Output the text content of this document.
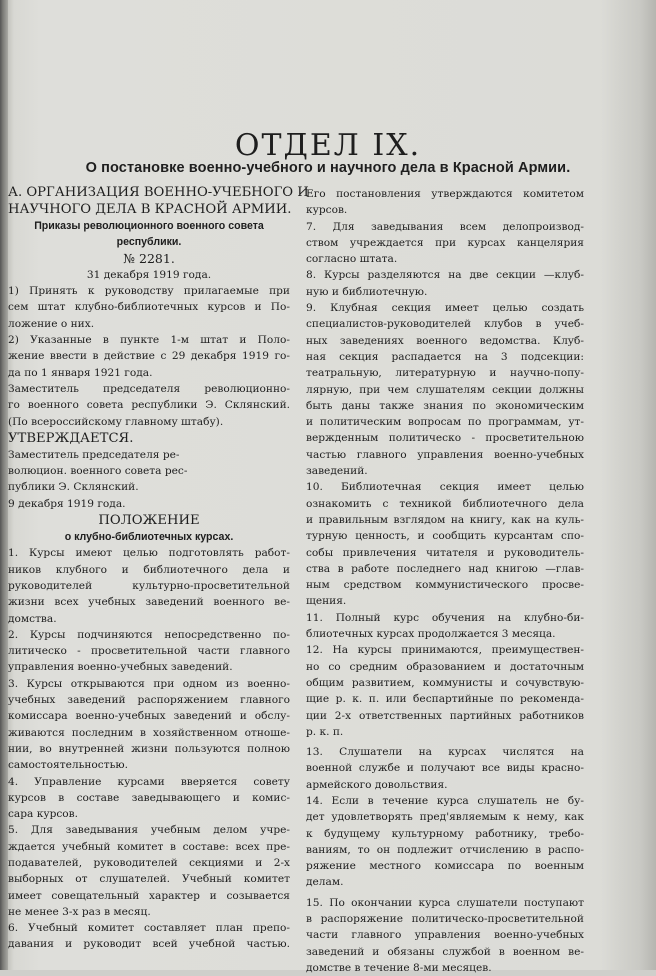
ОТДЕЛ IX.
О постановке военно-учебного и научного дела в Красной Армии.
А. ОРГАНИЗАЦИЯ ВОЕННО-УЧЕБНОГО И
НАУЧНОГО ДЕЛА В КРАСНОЙ АРМИИ.
Приказы революционного военного совета
республики.
№ 2281.
31 декабря 1919 года.
1) Принять к руководству прилагаемые при
сем штат клубно-библиотечных курсов и По-
ложение о них.
2) Указанные в пункте 1-м штат и Поло-
жение ввести в действие с 29 декабря 1919 го-
да по 1 января 1921 года.
Заместитель председателя революционно-
го военного совета республики Э. Склянский.
(По всероссийскому главному штабу).
УТВЕРЖДАЕТСЯ.
Заместитель председателя ре-
волюцион. военного совета рес-
публики Э. Склянский.
9 декабря 1919 года.
ПОЛОЖЕНИЕ
о клубно-библиотечных курсах.
1. Курсы имеют целью подготовлять работ-
ников клубного и библиотечного дела и
руководителей культурно-просветительной
жизни всех учебных заведений военного ве-
домства.
2. Курсы подчиняются непосредственно по-
литическо - просветительной части главного
управления военно-учебных заведений.
3. Курсы открываются при одном из военно-
учебных заведений распоряжением главного
комиссара военно-учебных заведений и обслу-
живаются последним в хозяйственном отноше-
нии, во внутренней жизни пользуются полною
самостоятельностью.
4. Управление курсами вверяется совету
курсов в составе заведывающего и комис-
сара курсов.
5. Для заведывания учебным делом учре-
ждается учебный комитет в составе: всех пре-
подавателей, руководителей секциями и 2-х
выборных от слушателей. Учебный комитет
имеет совещательный характер и созывается
не менее 3-х раз в месяц.
6. Учебный комитет составляет план препо-
давания и руководит всей учебной частью.
Его постановления утверждаются комитетом
курсов.
7. Для заведывания всем делопроизвод-
ством учреждается при курсах канцелярия
согласно штата.
8. Курсы разделяются на две секции —клуб-
ную и библиотечную.
9. Клубная секция имеет целью создать
специалистов-руководителей клубов в учеб-
ных заведениях военного ведомства. Клуб-
ная секция распадается на 3 подсекции:
театральную, литературную и научно-попу-
лярную, при чем слушателям секции должны
быть даны также знания по экономическим
и политическим вопросам по программам, ут-
вержденным политическо - просветительною
частью главного управления военно-учебных
заведений.
10. Библиотечная секция имеет целью
ознакомить с техникой библиотечного дела
и правильным взглядом на книгу, как на куль-
турную ценность, и сообщить курсантам спо-
собы привлечения читателя и руководитель-
ства в работе последнего над книгою —глав-
ным средством коммунистического просве-
щения.
11. Полный курс обучения на клубно-би-
блиотечных курсах продолжается 3 месяца.
12. На курсы принимаются, преимуществен-
но со средним образованием и достаточным
общим развитием, коммунисты и сочувствую-
щие р. к. п. или беспартийные по рекоменда-
ции 2-х ответственных партийных работников
р. к. п.
13. Слушатели на курсах числятся на
военной службе и получают все виды красно-
армейского довольствия.
14. Если в течение курса слушатель не бу-
дет удовлетворять пред'являемым к нему, как
к будущему культурному работнику, требо-
ваниям, то он подлежит отчислению в распо-
ряжение местного комиссара по военным
делам.
15. По окончании курса слушатели поступают
в распоряжение политическо-просветительной
части главного управления военно-учебных
заведений и обязаны службой в военном ве-
домстве в течение 8-ми месяцев.
